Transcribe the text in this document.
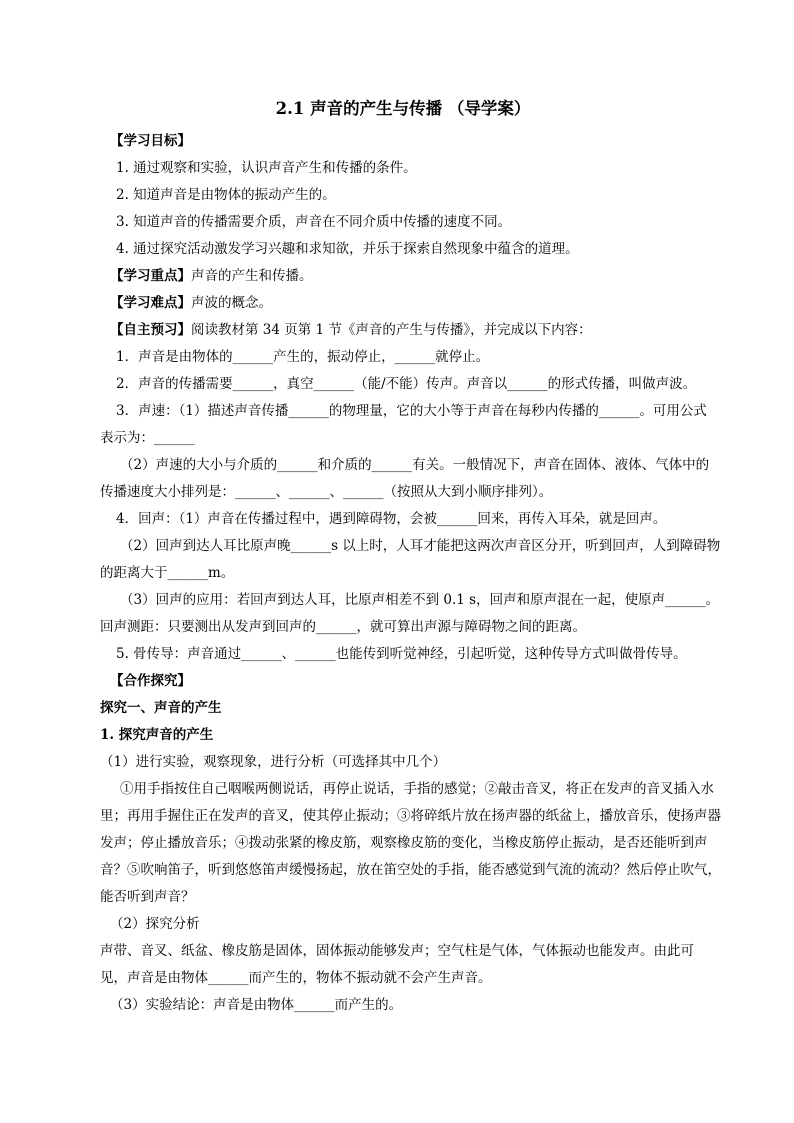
2.1 声音的产生与传播 （导学案）
【学习目标】
1. 通过观察和实验，认识声音产生和传播的条件。
2. 知道声音是由物体的振动产生的。
3. 知道声音的传播需要介质，声音在不同介质中传播的速度不同。
4. 通过探究活动激发学习兴趣和求知欲，并乐于探索自然现象中蕴含的道理。
【学习重点】声音的产生和传播。
【学习难点】声波的概念。
【自主预习】阅读教材第 34 页第 1 节《声音的产生与传播》，并完成以下内容：
1．声音是由物体的______产生的，振动停止，______就停止。
2．声音的传播需要______，真空______（能/不能）传声。声音以______的形式传播，叫做声波。
3．声速：（1）描述声音传播______的物理量，它的大小等于声音在每秒内传播的______。可用公式
表示为：______
（2）声速的大小与介质的______和介质的______有关。一般情况下，声音在固体、液体、气体中的
传播速度大小排列是：______、______、______（按照从大到小顺序排列）。
4．回声：（1）声音在传播过程中，遇到障碍物，会被______回来，再传入耳朵，就是回声。
（2）回声到达人耳比原声晚______s 以上时，人耳才能把这两次声音区分开，听到回声，人到障碍物
的距离大于______m。
（3）回声的应用：若回声到达人耳，比原声相差不到 0.1 s，回声和原声混在一起，使原声______。
回声测距：只要测出从发声到回声的______，就可算出声源与障碍物之间的距离。
5. 骨传导：声音通过______、______也能传到听觉神经，引起听觉，这种传导方式叫做骨传导。
【合作探究】
探究一、声音的产生
1. 探究声音的产生
（1）进行实验，观察现象，进行分析（可选择其中几个）
①用手指按住自己咽喉两侧说话，再停止说话，手指的感觉；②敲击音叉，将正在发声的音叉插入水
里；再用手握住正在发声的音叉，使其停止振动；③将碎纸片放在扬声器的纸盆上，播放音乐，使扬声器
发声；停止播放音乐；④拨动张紧的橡皮筋，观察橡皮筋的变化，当橡皮筋停止振动，是否还能听到声
音？⑤吹响笛子，听到悠悠笛声缓慢扬起，放在笛空处的手指，能否感觉到气流的流动？然后停止吹气，
能否听到声音？
（2）探究分析
声带、音叉、纸盆、橡皮筋是固体，固体振动能够发声；空气柱是气体，气体振动也能发声。由此可
见，声音是由物体______而产生的，物体不振动就不会产生声音。
（3）实验结论：声音是由物体______而产生的。
